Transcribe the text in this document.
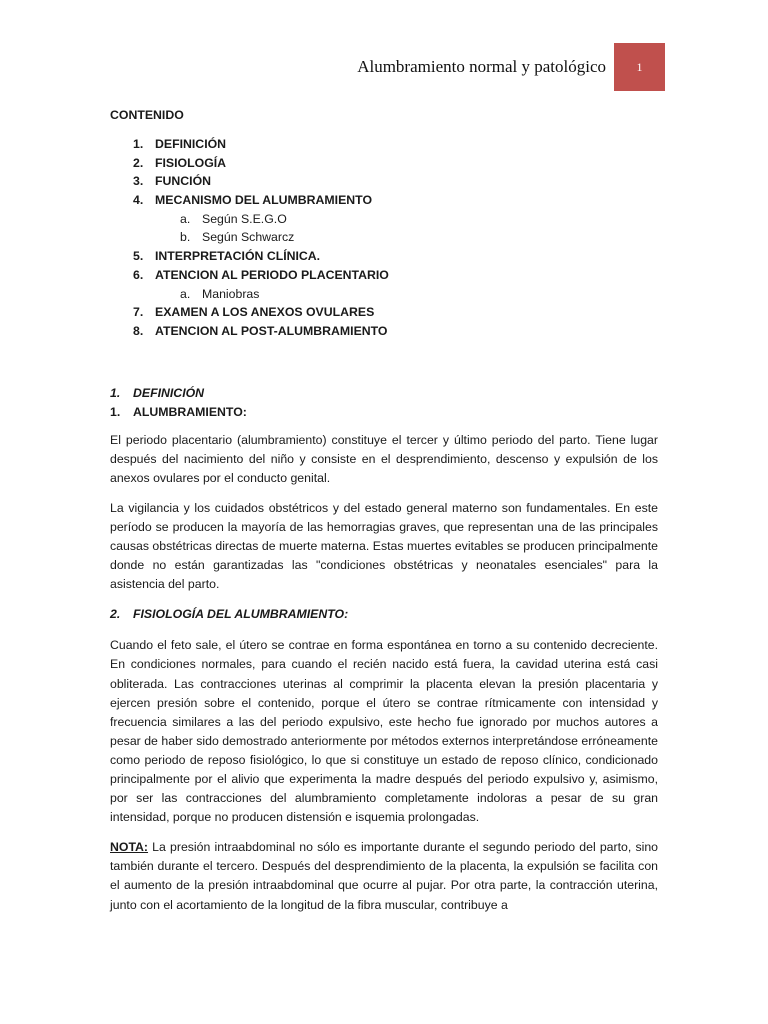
Alumbramiento normal y patológico	1
CONTENIDO
1. DEFINICIÓN
2. FISIOLOGÍA
3. FUNCIÓN
4. MECANISMO DEL ALUMBRAMIENTO
a. Según S.E.G.O
b. Según Schwarcz
5. INTERPRETACIÓN CLÍNICA.
6. ATENCION AL PERIODO PLACENTARIO
a. Maniobras
7. EXAMEN A LOS ANEXOS OVULARES
8. ATENCION AL POST-ALUMBRAMIENTO
1. DEFINICIÓN
1. ALUMBRAMIENTO:

El periodo placentario (alumbramiento) constituye el tercer y último periodo del parto. Tiene lugar después del nacimiento del niño y consiste en el desprendimiento, descenso y expulsión de los anexos ovulares por el conducto genital.

La vigilancia y los cuidados obstétricos y del estado general materno son fundamentales. En este período se producen la mayoría de las hemorragias graves, que representan una de las principales causas obstétricas directas de muerte materna. Estas muertes evitables se producen principalmente donde no están garantizadas las "condiciones obstétricas y neonatales esenciales" para la asistencia del parto.

2. FISIOLOGÍA DEL ALUMBRAMIENTO:

Cuando el feto sale, el útero se contrae en forma espontánea en torno a su contenido decreciente. En condiciones normales, para cuando el recién nacido está fuera, la cavidad uterina está casi obliterada. Las contracciones uterinas al comprimir la placenta elevan la presión placentaria y ejercen presión sobre el contenido, porque el útero se contrae rítmicamente con intensidad y frecuencia similares a las del periodo expulsivo, este hecho fue ignorado por muchos autores a pesar de haber sido demostrado anteriormente por métodos externos interpretándose erróneamente como periodo de reposo fisiológico, lo que si constituye un estado de reposo clínico, condicionado principalmente por el alivio que experimenta la madre después del periodo expulsivo y, asimismo, por ser las contracciones del alumbramiento completamente indoloras a pesar de su gran intensidad, porque no producen distensión e isquemia prolongadas.

NOTA: La presión intraabdominal no sólo es importante durante el segundo periodo del parto, sino también durante el tercero. Después del desprendimiento de la placenta, la expulsión se facilita con el aumento de la presión intraabdominal que ocurre al pujar. Por otra parte, la contracción uterina, junto con el acortamiento de la longitud de la fibra muscular, contribuye a
